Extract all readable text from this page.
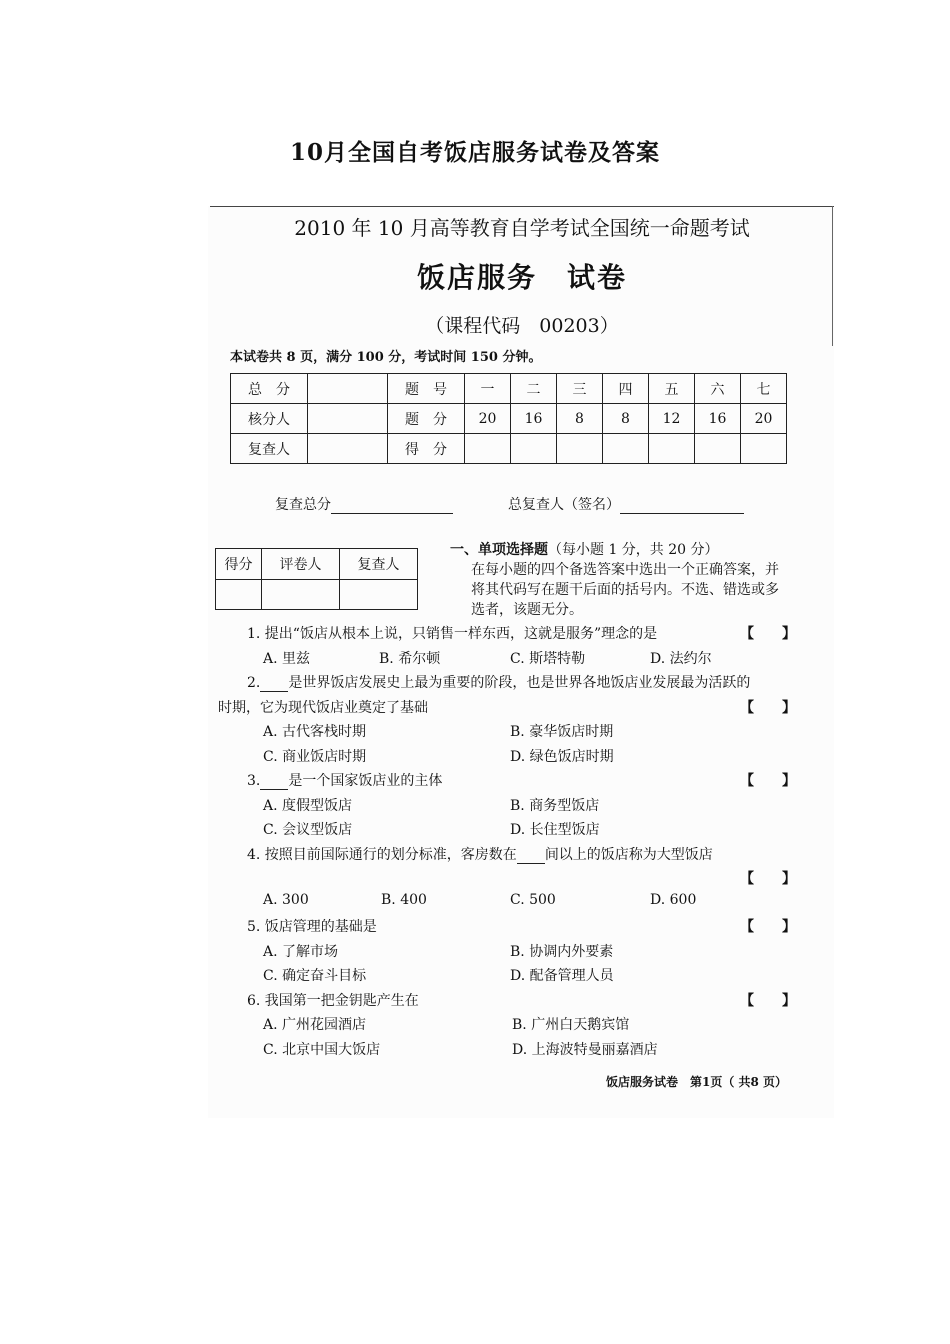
10月全国自考饭店服务试卷及答案
2010 年 10 月高等教育自学考试全国统一命题考试
饭店服务　试卷
（课程代码　00203）
本试卷共 8 页，满分 100 分，考试时间 150 分钟。
总　分		题　号	一	二	三	四	五	六	七
核分人		题　分	20	16	8	8	12	16	20
复查人		得　分							
复查总分	总复查人（签名）
得分	评卷人	复查人

一、单项选择题（每小题 1 分，共 20 分）
在每小题的四个备选答案中选出一个正确答案，并
将其代码写在题干后面的括号内。不选、错选或多
选者，该题无分。
1. 提出“饭店从根本上说，只销售一样东西，这就是服务”理念的是	【　　】
A. 里兹	B. 希尔顿	C. 斯塔特勒	D. 法约尔
2. 是世界饭店发展史上最为重要的阶段，也是世界各地饭店业发展最为活跃的
时期，它为现代饭店业奠定了基础	【　　】
A. 古代客栈时期	B. 豪华饭店时期
C. 商业饭店时期	D. 绿色饭店时期
3. 是一个国家饭店业的主体	【　　】
A. 度假型饭店	B. 商务型饭店
C. 会议型饭店	D. 长住型饭店
4. 按照目前国际通行的划分标准，客房数在 间以上的饭店称为大型饭店
【　　】
A. 300	B. 400	C. 500	D. 600
5. 饭店管理的基础是	【　　】
A. 了解市场	B. 协调内外要素
C. 确定奋斗目标	D. 配备管理人员
6. 我国第一把金钥匙产生在	【　　】
A. 广州花园酒店	B. 广州白天鹅宾馆
C. 北京中国大饭店	D. 上海波特曼丽嘉酒店
饭店服务试卷　第1页（ 共8 页）
